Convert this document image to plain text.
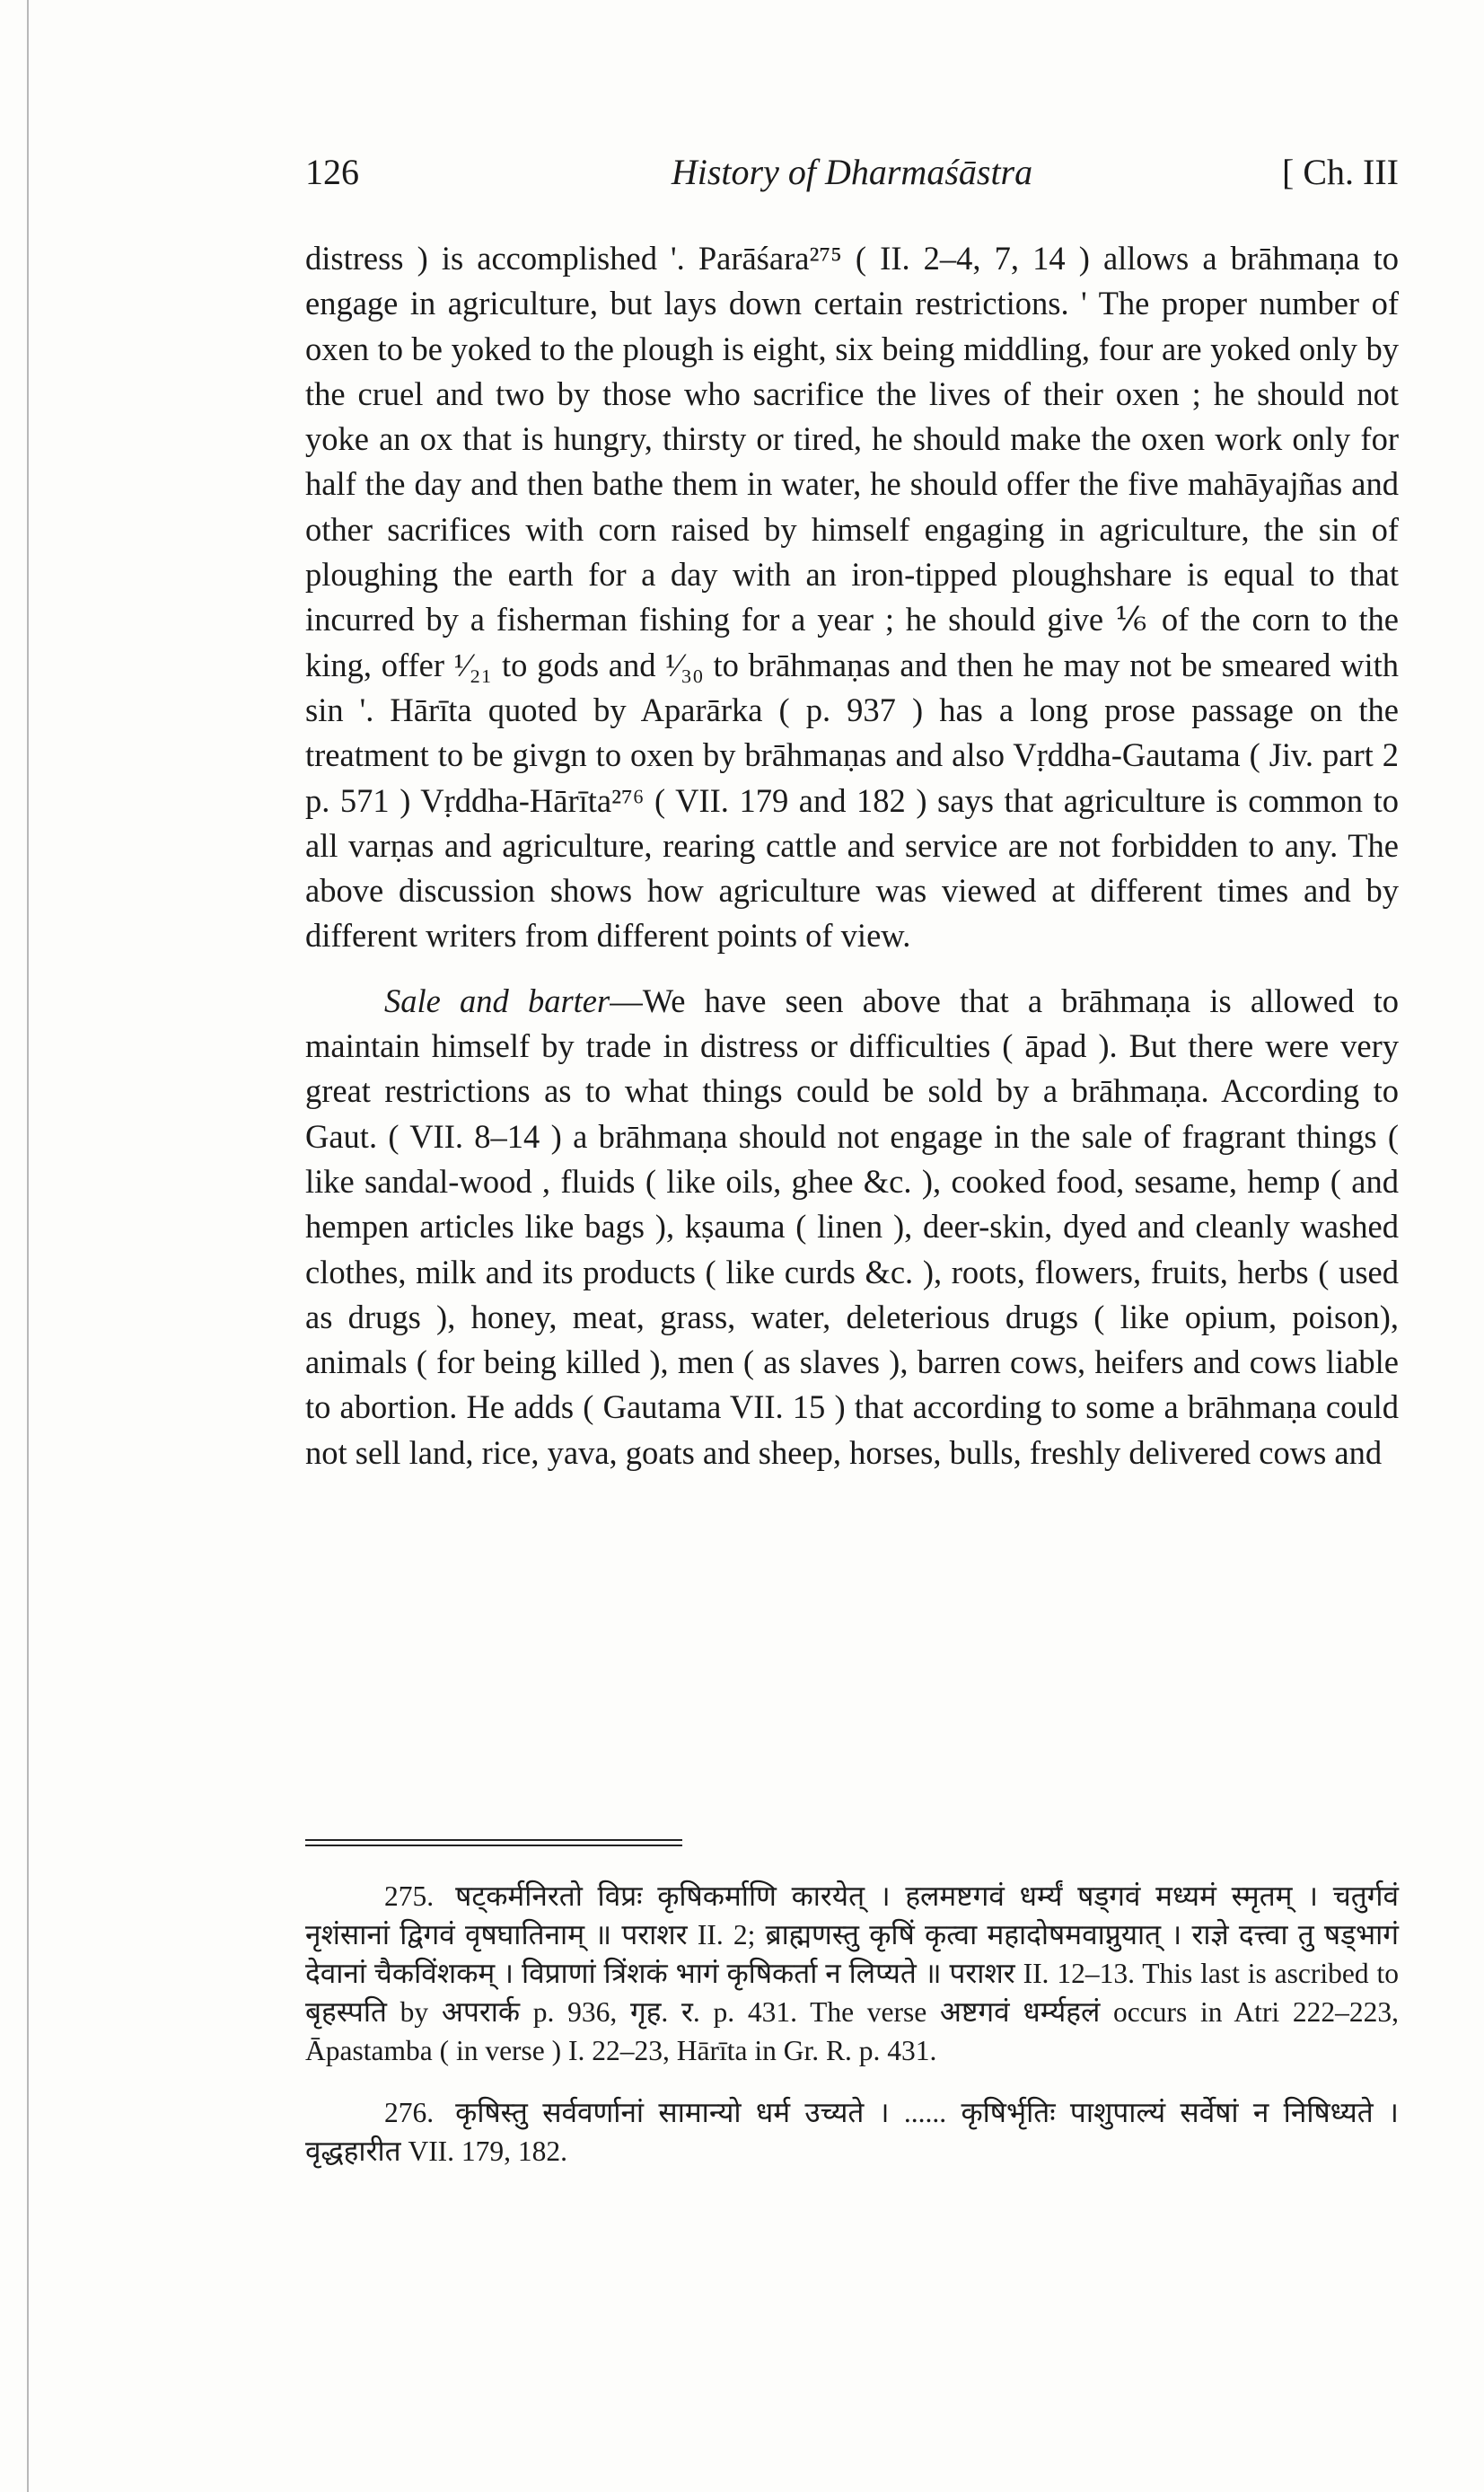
126	History of Dharmaśāstra	[ Ch. III

distress ) is accomplished '. Parāśara²⁷⁵ ( II. 2–4, 7, 14 ) allows a brāhmaṇa to engage in agriculture, but lays down certain restrictions. ' The proper number of oxen to be yoked to the plough is eight, six being middling, four are yoked only by the cruel and two by those who sacrifice the lives of their oxen ; he should not yoke an ox that is hungry, thirsty or tired, he should make the oxen work only for half the day and then bathe them in water, he should offer the five mahāyajñas and other sacrifices with corn raised by himself engaging in agriculture, the sin of ploughing the earth for a day with an iron-tipped ploughshare is equal to that incurred by a fisherman fishing for a year ; he should give ⅙ of the corn to the king, offer ¹⁄₂₁ to gods and ¹⁄₃₀ to brāhmaṇas and then he may not be smeared with sin '. Hārīta quoted by Aparārka ( p. 937 ) has a long prose passage on the treatment to be givgn to oxen by brāhmaṇas and also Vṛddha-Gautama ( Jiv. part 2 p. 571 ) Vṛddha-Hārīta²⁷⁶ ( VII. 179 and 182 ) says that agriculture is common to all varṇas and agriculture, rearing cattle and service are not forbidden to any. The above discussion shows how agriculture was viewed at different times and by different writers from different points of view.

Sale and barter—We have seen above that a brāhmaṇa is allowed to maintain himself by trade in distress or difficulties ( āpad ). But there were very great restrictions as to what things could be sold by a brāhmaṇa. According to Gaut. ( VII. 8–14 ) a brāhmaṇa should not engage in the sale of fragrant things ( like sandal-wood , fluids ( like oils, ghee &c. ), cooked food, sesame, hemp ( and hempen articles like bags ), kṣauma ( linen ), deer-skin, dyed and cleanly washed clothes, milk and its products ( like curds &c. ), roots, flowers, fruits, herbs ( used as drugs ), honey, meat, grass, water, deleterious drugs ( like opium, poison), animals ( for being killed ), men ( as slaves ), barren cows, heifers and cows liable to abortion. He adds ( Gautama VII. 15 ) that according to some a brāhmaṇa could not sell land, rice, yava, goats and sheep, horses, bulls, freshly delivered cows and

275. षट्कर्मनिरतो विप्रः कृषिकर्माणि कारयेत् । हलमष्टगवं धर्म्यं षड्गवं मध्यमं स्मृतम् । चतुर्गवं नृशंसानां द्विगवं वृषघातिनाम् ॥ पराशर II. 2; ब्राह्मणस्तु कृषिं कृत्वा महादोषमवाप्नुयात् । राज्ञे दत्त्वा तु षड्भागं देवानां चैकविंशकम् । विप्राणां त्रिंशकं भागं कृषिकर्ता न लिप्यते ॥ पराशर II. 12–13. This last is ascribed to बृहस्पति by अपरार्क p. 936, गृह. र. p. 431. The verse अष्टगवं धर्म्यहलं occurs in Atri 222–223, Āpastamba ( in verse ) I. 22–23, Hārīta in Gr. R. p. 431.

276. कृषिस्तु सर्ववर्णानां सामान्यो धर्म उच्यते । ...... कृषिर्भृतिः पाशुपाल्यं सर्वेषां न निषिध्यते । वृद्धहारीत VII. 179, 182.
